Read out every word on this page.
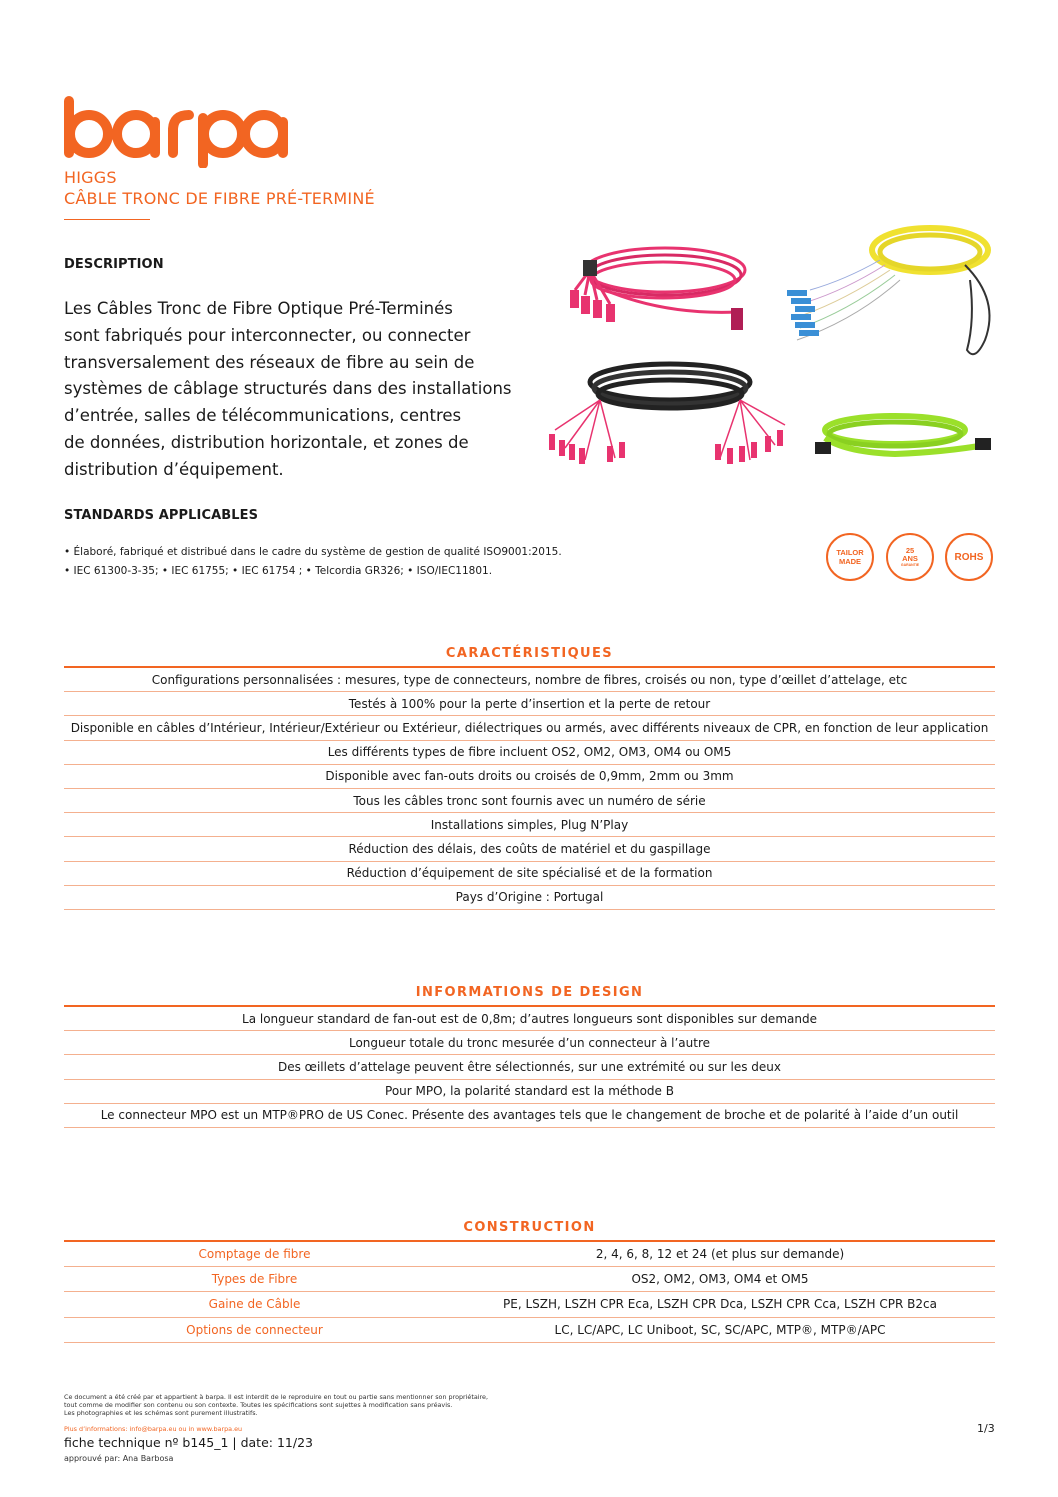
HIGGS
CÂBLE TRONC DE FIBRE PRÉ-TERMINÉ
DESCRIPTION
Les Câbles Tronc de Fibre Optique Pré-Terminés
sont fabriqués pour interconnecter, ou connecter
transversalement des réseaux de fibre au sein de
systèmes de câblage structurés dans des installations
d’entrée, salles de télécommunications, centres
de données, distribution horizontale, et zones de
distribution d’équipement.
STANDARDS APPLICABLES
• Élaboré, fabriqué et distribué dans le cadre du système de gestion de qualité ISO9001:2015.
• IEC 61300-3-35; • IEC 61755; • IEC 61754 ; • Telcordia GR326; • ISO/IEC11801.
TAILOR
MADE
25
ANS
GARANTIE
ROHS
CARACTÉRISTIQUES
Configurations personnalisées : mesures, type de connecteurs, nombre de fibres, croisés ou non, type d’œillet d’attelage, etc
Testés à 100% pour la perte d’insertion et la perte de retour
Disponible en câbles d’Intérieur, Intérieur/Extérieur ou Extérieur, diélectriques ou armés, avec différents niveaux de CPR, en fonction de leur application
Les différents types de fibre incluent OS2, OM2, OM3, OM4 ou OM5
Disponible avec fan-outs droits ou croisés de 0,9mm, 2mm ou 3mm
Tous les câbles tronc sont fournis avec un numéro de série
Installations simples, Plug N’Play
Réduction des délais, des coûts de matériel et du gaspillage
Réduction d’équipement de site spécialisé et de la formation
Pays d’Origine : Portugal
INFORMATIONS DE DESIGN
La longueur standard de fan-out est de 0,8m; d’autres longueurs sont disponibles sur demande
Longueur totale du tronc mesurée d’un connecteur à l’autre
Des œillets d’attelage peuvent être sélectionnés, sur une extrémité ou sur les deux
Pour MPO, la polarité standard est la méthode B
Le connecteur MPO est un MTP®PRO de US Conec. Présente des avantages tels que le changement de broche et de polarité à l’aide d’un outil
CONSTRUCTION
Comptage de fibre	2, 4, 6, 8, 12 et 24 (et plus sur demande)
Types de Fibre	OS2, OM2, OM3, OM4 et OM5
Gaine de Câble	PE, LSZH, LSZH CPR Eca, LSZH CPR Dca, LSZH CPR Cca, LSZH CPR B2ca
Options de connecteur	LC, LC/APC, LC Uniboot, SC, SC/APC, MTP®, MTP®/APC
Ce document a été créé par et appartient à barpa. Il est interdit de le reproduire en tout ou partie sans mentionner son propriétaire,
tout comme de modifier son contenu ou son contexte. Toutes les spécifications sont sujettes à modification sans préavis.
Les photographies et les schémas sont purement illustratifs.
Plus d’informations: info@barpa.eu ou in www.barpa.eu
fiche technique nº b145_1 | date: 11/23
approuvé par: Ana Barbosa
1/3
